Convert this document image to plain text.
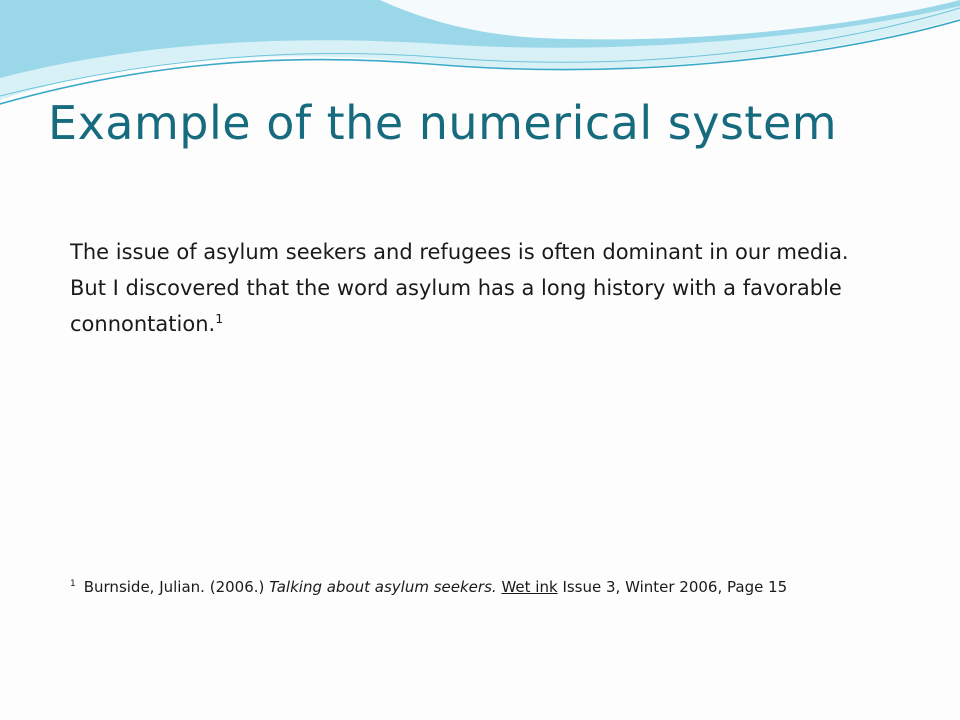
Example of the numerical system

The issue of asylum seekers and refugees is often dominant in our media. But I discovered that the word asylum has a long history with a favorable connontation.$^1$

$^1$ Burnside, Julian. (2006.) Talking about asylum seekers. Wet ink Issue 3, Winter 2006, Page 15
